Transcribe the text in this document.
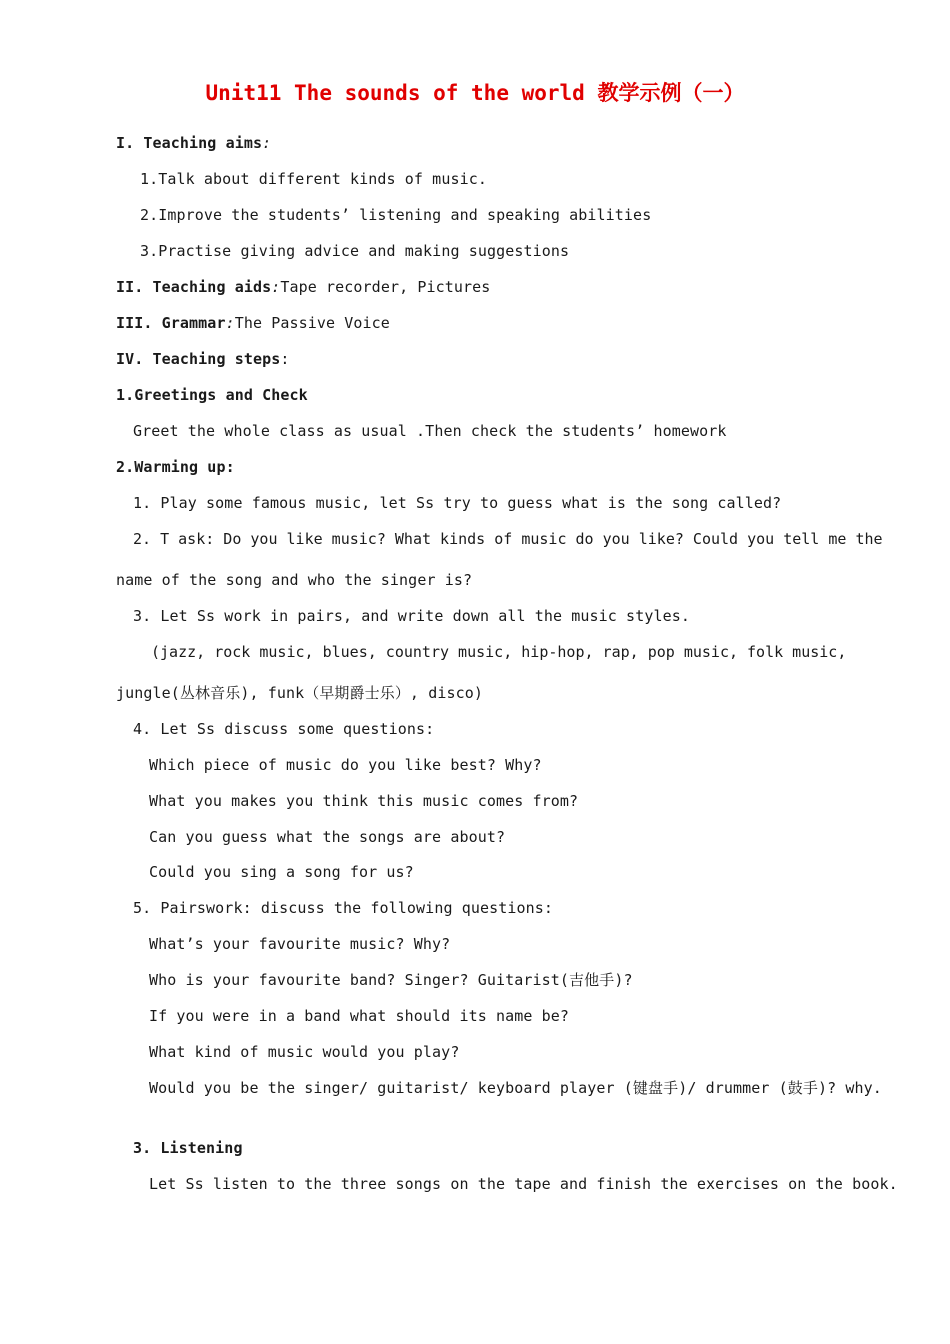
Unit11 The sounds of the world 教学示例（一）
I. Teaching aims:
1.Talk about different kinds of music.
2.Improve the students’ listening and speaking abilities
3.Practise giving advice and making suggestions
II. Teaching aids:Tape recorder, Pictures
III. Grammar:The Passive Voice
IV. Teaching steps:
1.Greetings and Check
Greet the whole class as usual .Then check the students’ homework
2.Warming up:
1. Play some famous music, let Ss try to guess what is the song called?
2. T ask: Do you like music? What kinds of music do you like? Could you tell me the
name of the song and who the singer is?
3. Let Ss work in pairs, and write down all the music styles.
(jazz, rock music, blues, country music, hip-hop, rap, pop music, folk music,
jungle(丛林音乐), funk（早期爵士乐）, disco)
4. Let Ss discuss some questions:
Which piece of music do you like best? Why?
What you makes you think this music comes from?
Can you guess what the songs are about?
Could you sing a song for us?
5. Pairswork: discuss the following questions:
What’s your favourite music? Why?
Who is your favourite band? Singer? Guitarist(吉他手)?
If you were in a band what should its name be?
What kind of music would you play?
Would you be the singer/ guitarist/ keyboard player (键盘手)/ drummer (鼓手)? why.
3. Listening
Let Ss listen to the three songs on the tape and finish the exercises on the book.
